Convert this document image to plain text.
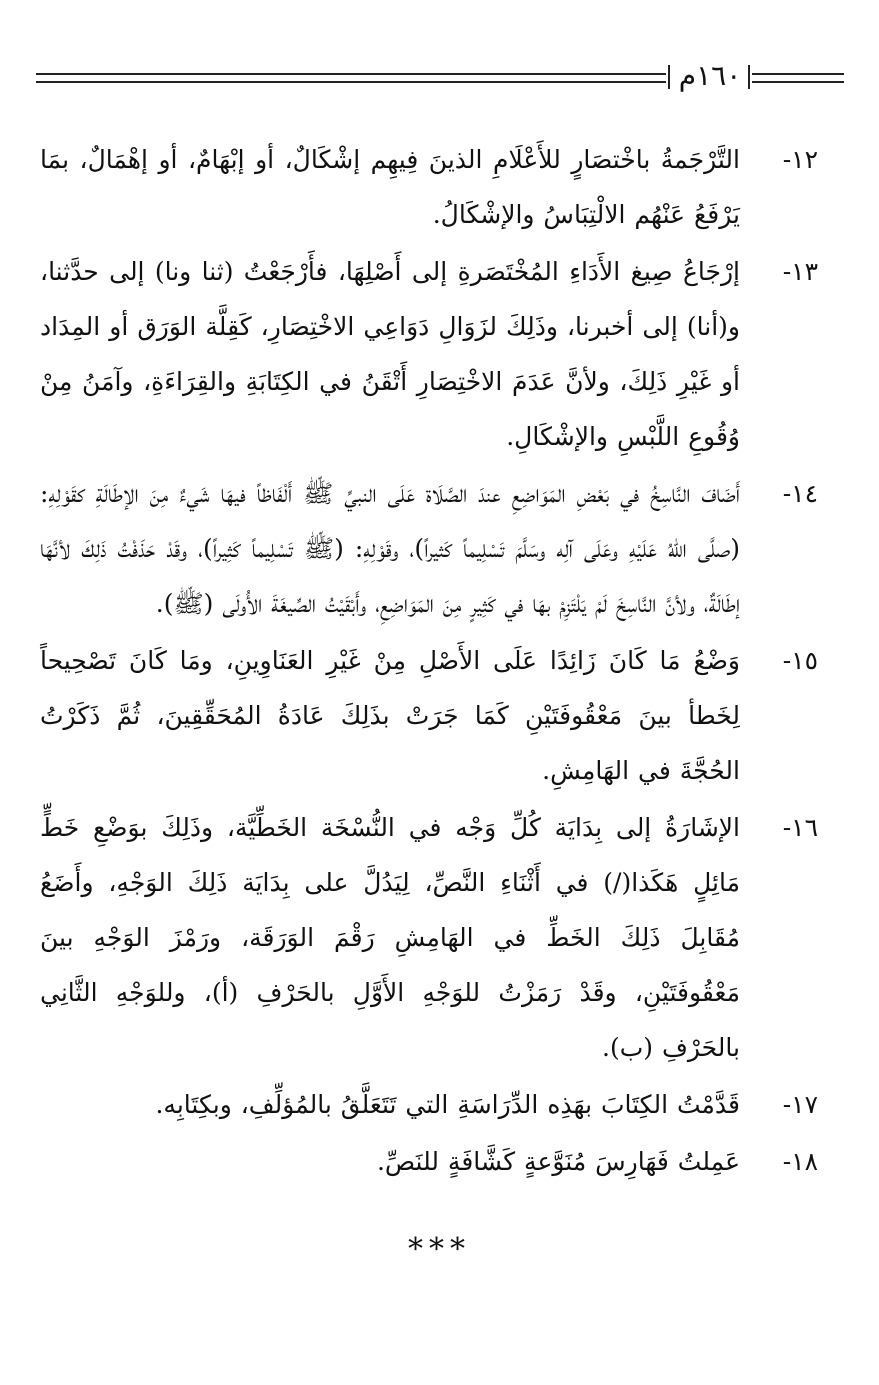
١٦٠م
١٢-

التَّرْجَمةُ باخْتصَارٍ للأَعْلَامِ الذينَ فِيهِم إشْكَالٌ، أو إبْهَامٌ، أو إهْمَالٌ، بمَا يَرْفَعُ عَنْهُم الالْتِبَاسُ والإشْكَالُ.

١٣-

إرْجَاعُ صِيغ الأَدَاءِ المُخْتَصَرةِ إلى أَصْلِهَا، فأَرْجَعْتُ (ثنا ونا) إلى حدَّثنا، و(أنا) إلى أخبرنا، وذَلِكَ لزَوَالِ دَوَاعِي الاخْتِصَارِ، كَقِلَّة الوَرَق أو المِدَاد أو غَيْرِ ذَلِكَ، ولأنَّ عَدَمَ الاخْتِصَارِ أَتْقَنُ في الكِتَابَةِ والقِرَاءَةِ، وآمَنُ مِنْ وُقُوعِ اللَّبْسِ والإشْكَالِ.

١٤-

أَضَافَ النَّاسِخُ في بَعْضِ المَوَاضِعِ عندَ الصَّلَاة عَلَى النبيِّ ﷺ أَلْفَاظاً فيهَا شَيءٌ مِنَ الإطَالَةِ كقَوْلِهِ: (صلَّى اللهُ عَلَيْهِ وعَلَى آلِه وسَلَّمَ تَسْلِيماً كَثيراً)، وقَوْلِهِ: (ﷺ تَسْلِيماً كَثِيراً)، وقَدْ حَذَفْتُ ذَلِكَ لأنَّهَا إطَالَةٌ، ولأنَّ النَّاسِخَ لَمْ يَلْتَزِمْ بهَا في كَثِيرٍ مِنَ المَوَاضِعِ، وأَبْقَيْتُ الصِّيغَةَ الأُولَى (ﷺ).

١٥-

وَضْعُ مَا كَانَ زَائِدًا عَلَى الأَصْلِ مِنْ غَيْرِ العَنَاوِينِ، ومَا كَانَ تَصْحِيحاً لِخَطأ بينَ مَعْقُوفَتَيْنِ كَمَا جَرَتْ بذَلِكَ عَادَةُ المُحَقِّقِينَ، ثُمَّ ذَكَرْتُ الحُجَّةَ في الهَامِشِ.

١٦-

الإشَارَةُ إلى بِدَايَة كُلِّ وَجْه في النُّسْخَة الخَطِّيَّة، وذَلِكَ بوَضْعِ خَطٍّ مَائِلٍ هَكَذا(/) في أَثْنَاءِ النَّصِّ، لِيَدُلَّ على بِدَايَة ذَلِكَ الوَجْهِ، وأَضَعُ مُقَابِلَ ذَلِكَ الخَطِّ في الهَامِشِ رَقْمَ الوَرَقَة، ورَمْزَ الوَجْهِ بينَ مَعْقُوفَتَيْنِ، وقَدْ رَمَزْتُ للوَجْهِ الأَوَّلِ بالحَرْفِ (أ)، وللوَجْهِ الثَّانِي بالحَرْفِ (ب).

١٧-

قَدَّمْتُ الكِتَابَ بهَذِه الدِّرَاسَةِ التي تَتَعَلَّقُ بالمُؤلِّفِ، وبكِتَابِه.

١٨-

عَمِلتُ فَهَارِسَ مُنَوَّعةٍ كَشَّافَةٍ للنَصِّ.

***
